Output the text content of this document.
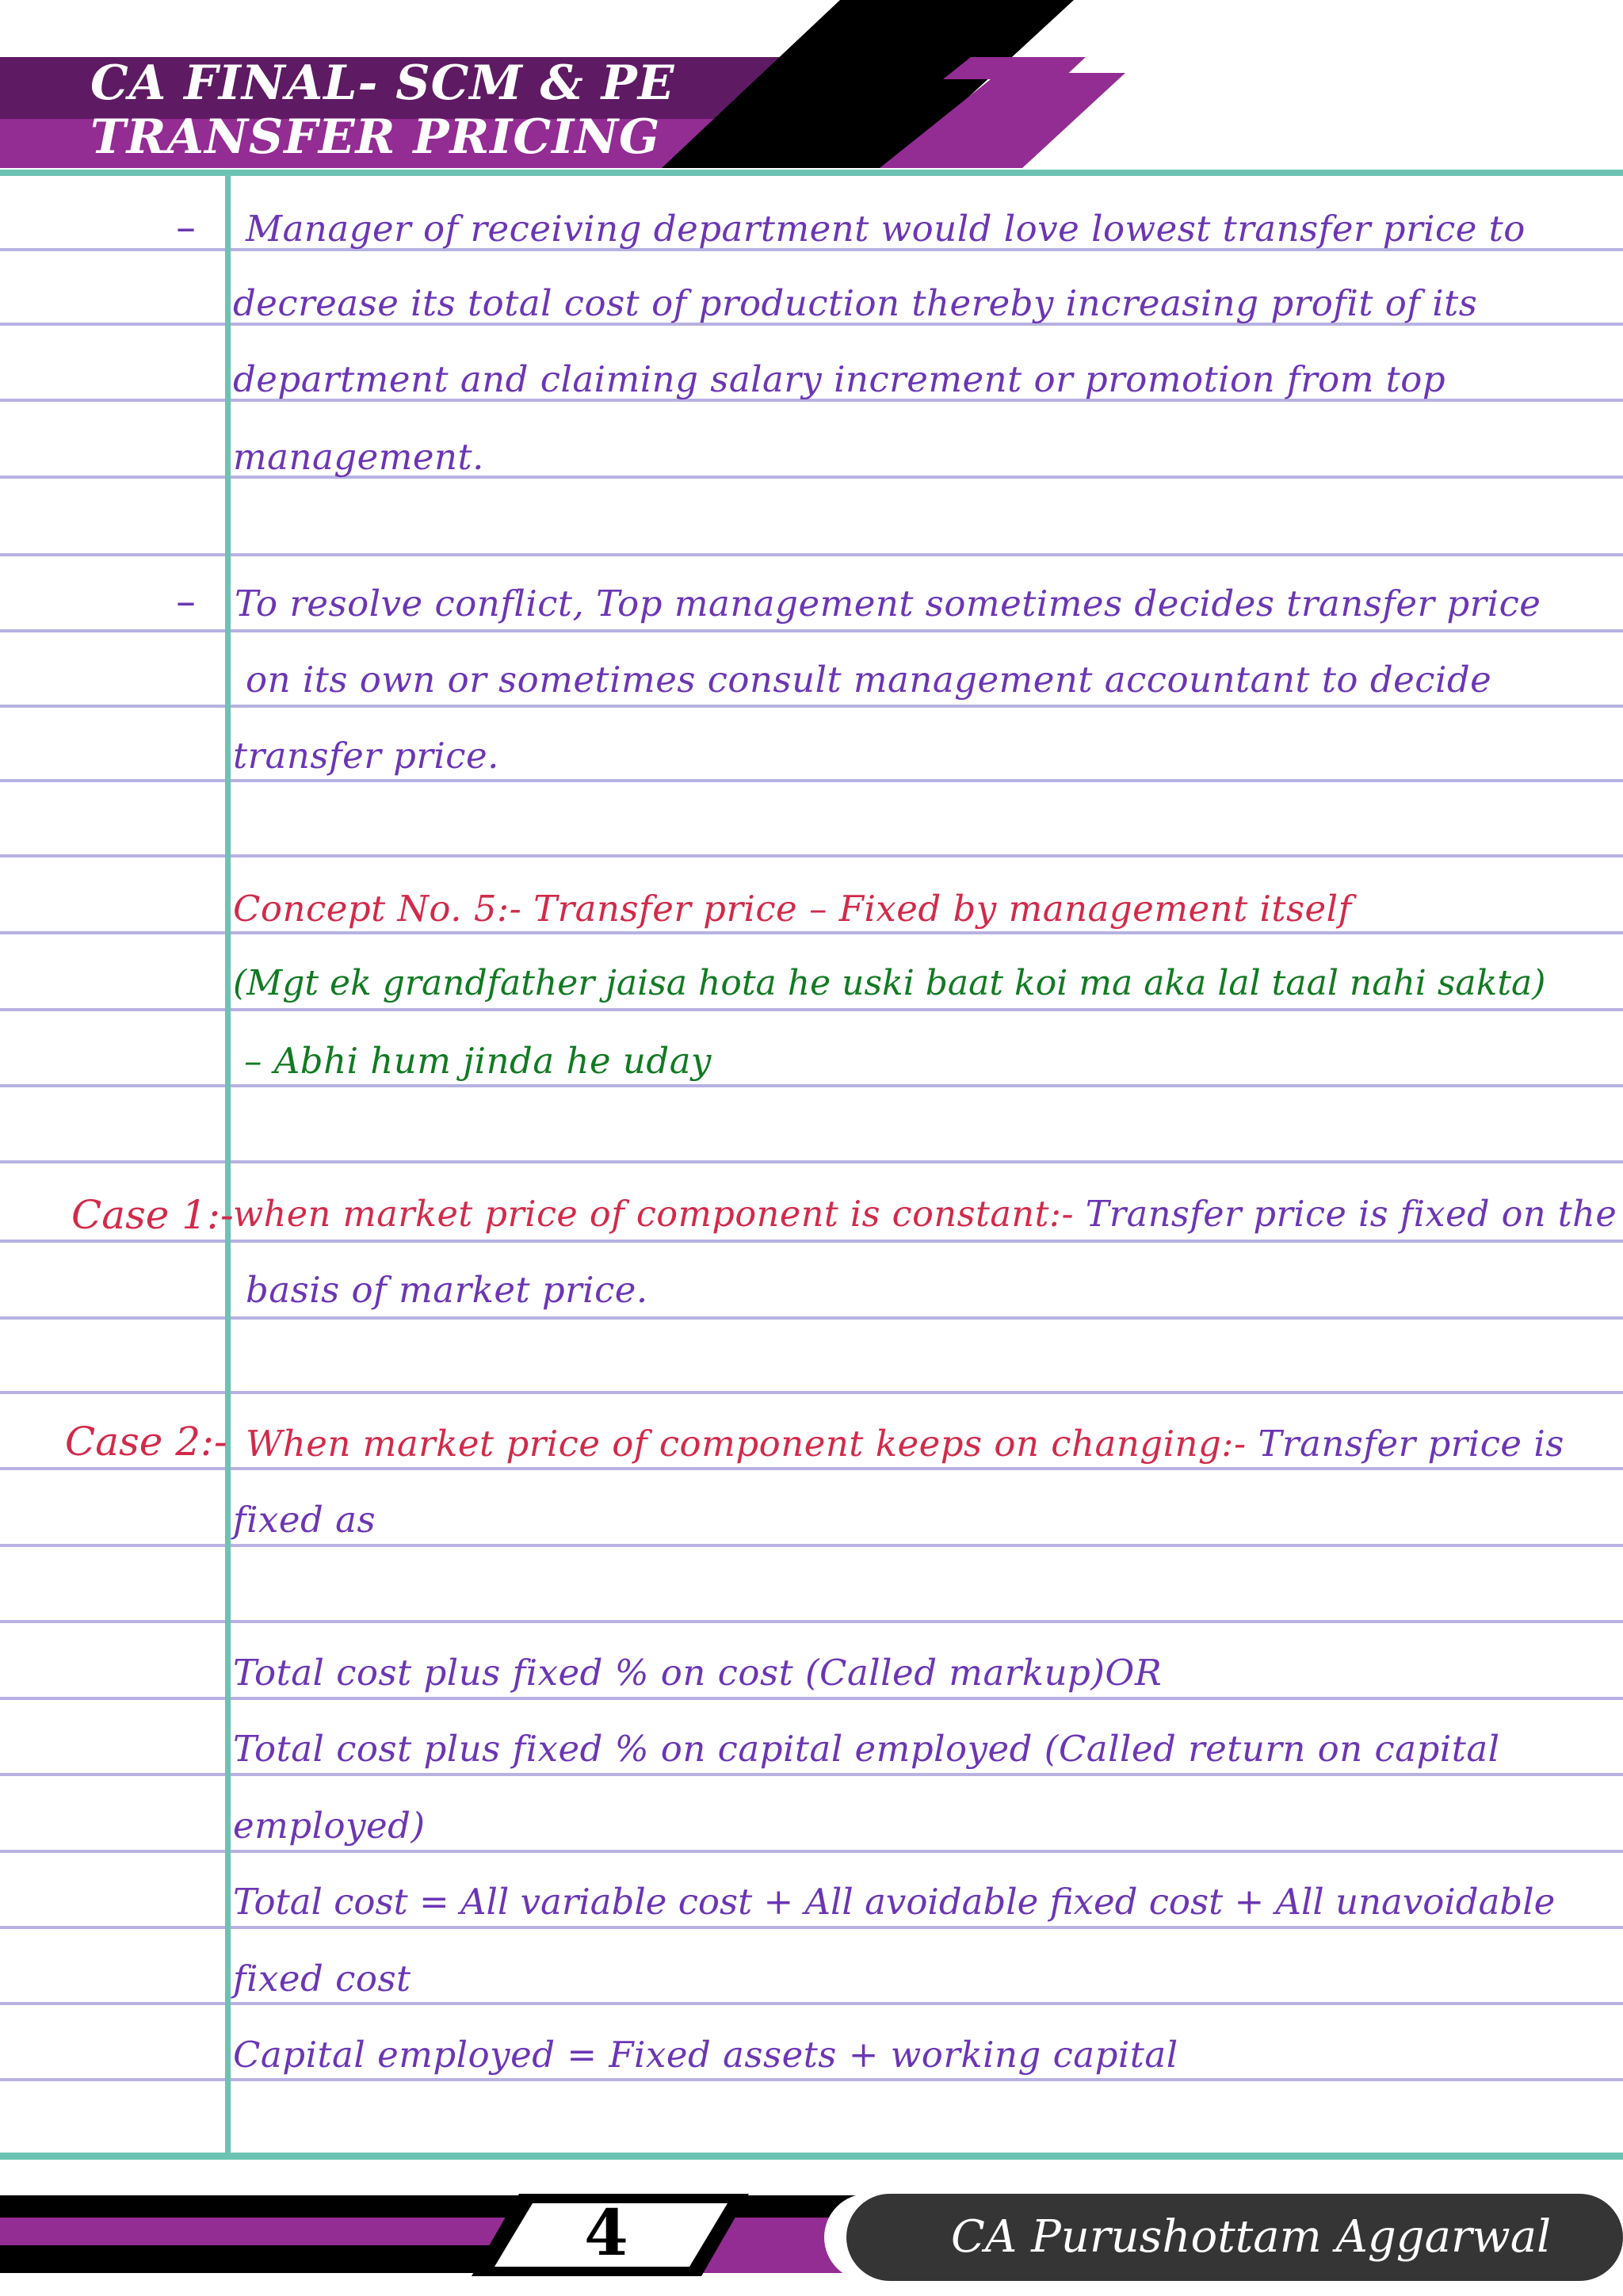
CA FINAL- SCM & PE
TRANSFER PRICING
– Manager of receiving department would love lowest transfer price to
decrease its total cost of production thereby increasing profit of its
department and claiming salary increment or promotion from top
management.
– To resolve conflict, Top management sometimes decides transfer price
on its own or sometimes consult management accountant to decide
transfer price.
Concept No. 5:- Transfer price – Fixed by management itself
(Mgt ek grandfather jaisa hota he uski baat koi ma aka lal taal nahi sakta)
– Abhi hum jinda he uday
Case 1:- when market price of component is constant:- Transfer price is fixed on the
basis of market price.
Case 2:- When market price of component keeps on changing:- Transfer price is
fixed as
Total cost plus fixed % on cost (Called markup)OR
Total cost plus fixed % on capital employed (Called return on capital
employed)
Total cost = All variable cost + All avoidable fixed cost + All unavoidable
fixed cost
Capital employed = Fixed assets + working capital
4	CA Purushottam Aggarwal
